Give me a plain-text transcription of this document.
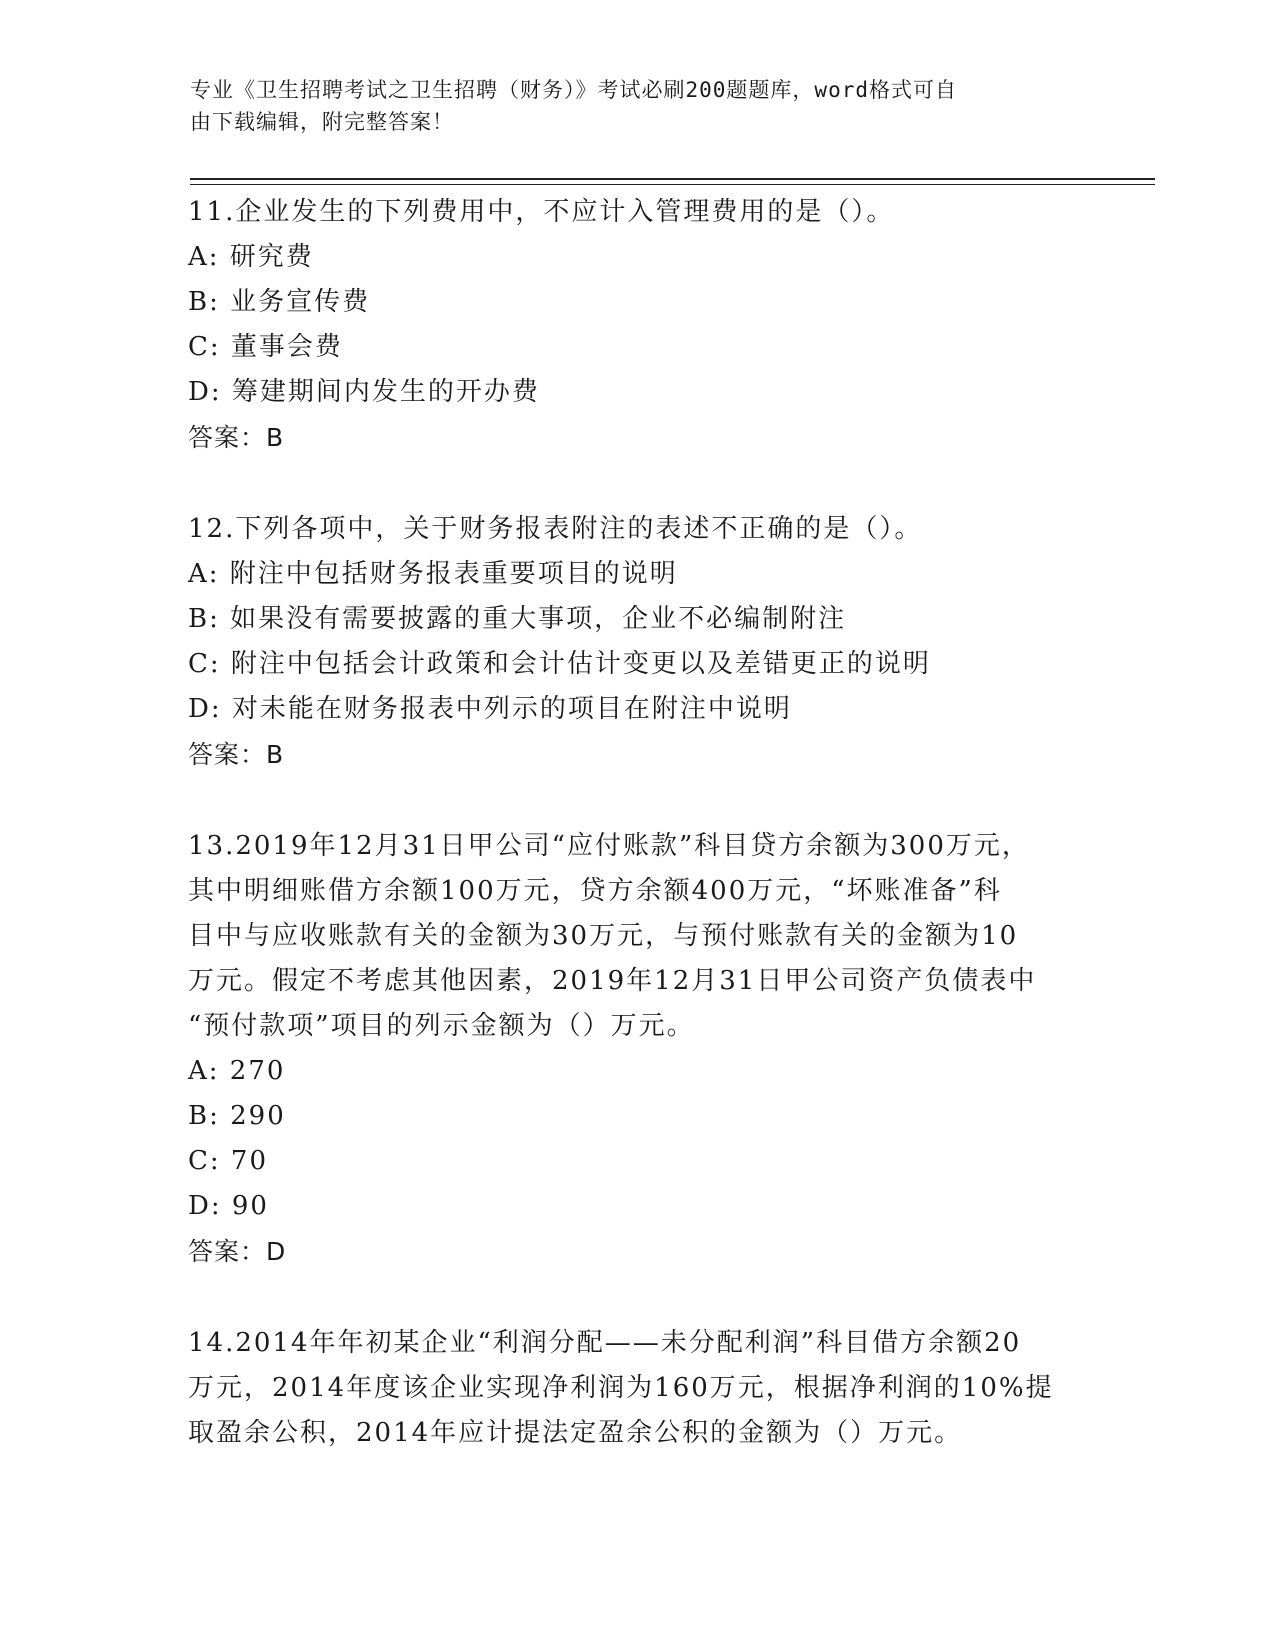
专业《卫生招聘考试之卫生招聘（财务）》考试必刷200题题库，word格式可自
由下载编辑，附完整答案！

11.企业发生的下列费用中，不应计入管理费用的是（）。

A: 研究费

B: 业务宣传费

C: 董事会费

D: 筹建期间内发生的开办费

答案：B

12.下列各项中，关于财务报表附注的表述不正确的是（）。

A: 附注中包括财务报表重要项目的说明

B: 如果没有需要披露的重大事项，企业不必编制附注

C: 附注中包括会计政策和会计估计变更以及差错更正的说明

D: 对未能在财务报表中列示的项目在附注中说明

答案：B

13.2019年12月31日甲公司“应付账款”科目贷方余额为300万元，

其中明细账借方余额100万元，贷方余额400万元，“坏账准备”科

目中与应收账款有关的金额为30万元，与预付账款有关的金额为10

万元。假定不考虑其他因素，2019年12月31日甲公司资产负债表中

“预付款项”项目的列示金额为（）万元。

A: 270

B: 290

C: 70

D: 90

答案：D

14.2014年年初某企业“利润分配——未分配利润”科目借方余额20

万元，2014年度该企业实现净利润为160万元，根据净利润的10%提

取盈余公积，2014年应计提法定盈余公积的金额为（）万元。
